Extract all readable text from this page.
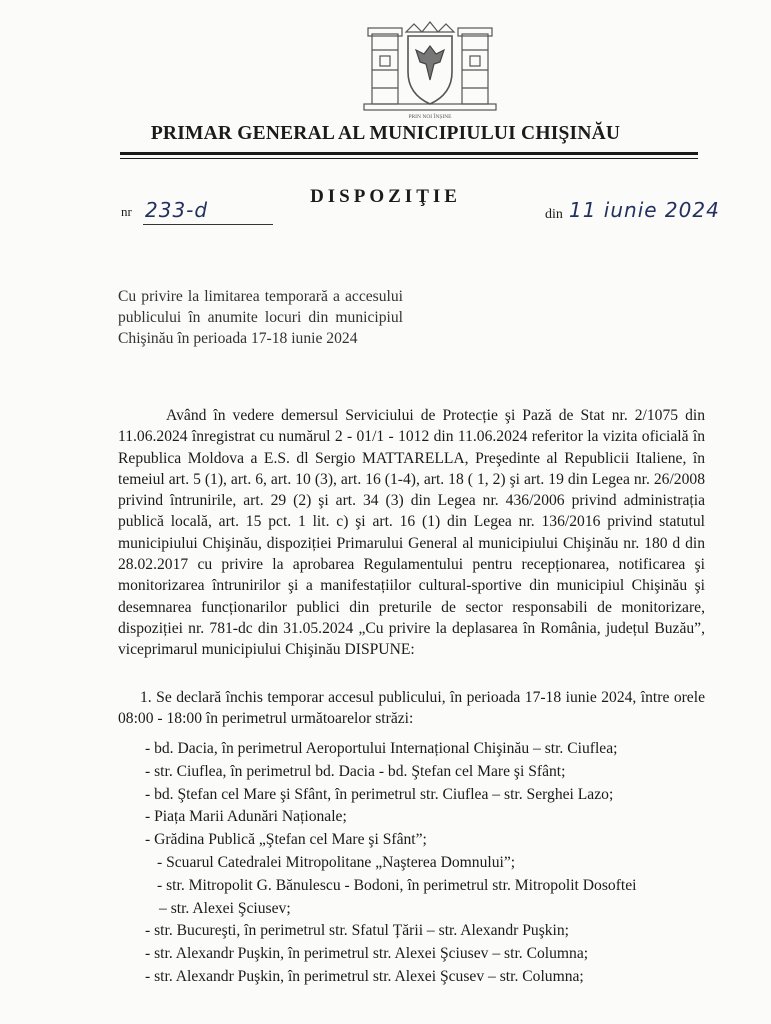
PRIN NOI ÎNȘINE
PRIMAR GENERAL AL MUNICIPIULUI CHIŞINĂU
DISPOZIŢIE
nr 233-d	din 11 iunie 2024
Cu privire la limitarea temporară a accesului publicului în anumite locuri din municipiul Chişinău în perioada 17-18 iunie 2024

Având în vedere demersul Serviciului de Protecție şi Pază de Stat nr. 2/1075 din 11.06.2024 înregistrat cu numărul 2 - 01/1 - 1012 din 11.06.2024 referitor la vizita oficială în Republica Moldova a E.S. dl Sergio MATTARELLA, Preşedinte al Republicii Italiene, în temeiul art. 5 (1), art. 6, art. 10 (3), art. 16 (1-4), art. 18 ( 1, 2) şi art. 19 din Legea nr. 26/2008 privind întrunirile, art. 29 (2) şi art. 34 (3) din Legea nr. 436/2006 privind administrația publică locală, art. 15 pct. 1 lit. c) şi art. 16 (1) din Legea nr. 136/2016 privind statutul municipiului Chişinău, dispoziției Primarului General al municipiului Chişinău nr. 180 d din 28.02.2017 cu privire la aprobarea Regulamentului pentru recepționarea, notificarea şi monitorizarea întrunirilor şi a manifestațiilor cultural-sportive din municipiul Chişinău şi desemnarea funcționarilor publici din preturile de sector responsabili de monitorizare, dispoziției nr. 781-dc din 31.05.2024 „Cu privire la deplasarea în România, județul Buzău”, viceprimarul municipiului Chişinău DISPUNE:

1. Se declară închis temporar accesul publicului, în perioada 17-18 iunie 2024, între orele 08:00 - 18:00 în perimetrul următoarelor străzi:

- bd. Dacia, în perimetrul Aeroportului Internațional Chişinău – str. Ciuflea;
- str. Ciuflea, în perimetrul bd. Dacia - bd. Ştefan cel Mare şi Sfânt;
- bd. Ştefan cel Mare şi Sfânt, în perimetrul str. Ciuflea – str. Serghei Lazo;
- Piața Marii Adunări Naționale;
- Grădina Publică „Ştefan cel Mare şi Sfânt”;
- Scuarul Catedralei Mitropolitane „Naşterea Domnului”;
- str. Mitropolit G. Bănulescu - Bodoni, în perimetrul str. Mitropolit Dosoftei
– str. Alexei Şciusev;
- str. Bucureşti, în perimetrul str. Sfatul Țării – str. Alexandr Puşkin;
- str. Alexandr Puşkin, în perimetrul str. Alexei Şciusev – str. Columna;
- str. Alexandr Puşkin, în perimetrul str. Alexei Şcusev – str. Columna;
